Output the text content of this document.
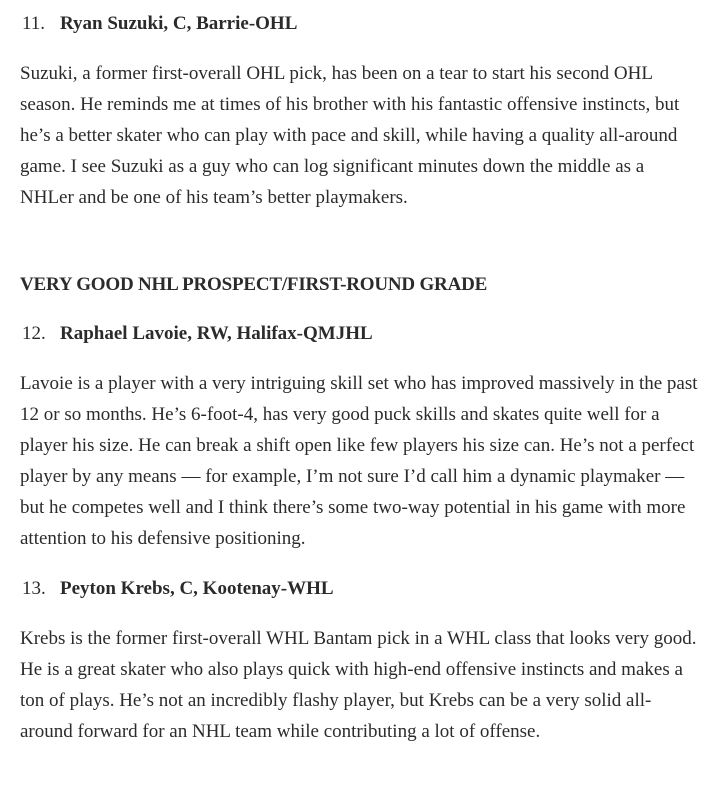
11. Ryan Suzuki, C, Barrie-OHL

Suzuki, a former first-overall OHL pick, has been on a tear to start his second OHL season. He reminds me at times of his brother with his fantastic offensive instincts, but he’s a better skater who can play with pace and skill, while having a quality all-around game. I see Suzuki as a guy who can log significant minutes down the middle as a NHLer and be one of his team’s better playmakers.

VERY GOOD NHL PROSPECT/FIRST-ROUND GRADE
12. Raphael Lavoie, RW, Halifax-QMJHL

Lavoie is a player with a very intriguing skill set who has improved massively in the past 12 or so months. He’s 6-foot-4, has very good puck skills and skates quite well for a player his size. He can break a shift open like few players his size can. He’s not a perfect player by any means — for example, I’m not sure I’d call him a dynamic playmaker — but he competes well and I think there’s some two-way potential in his game with more attention to his defensive positioning.

13. Peyton Krebs, C, Kootenay-WHL

Krebs is the former first-overall WHL Bantam pick in a WHL class that looks very good. He is a great skater who also plays quick with high-end offensive instincts and makes a ton of plays. He’s not an incredibly flashy player, but Krebs can be a very solid all-around forward for an NHL team while contributing a lot of offense.
